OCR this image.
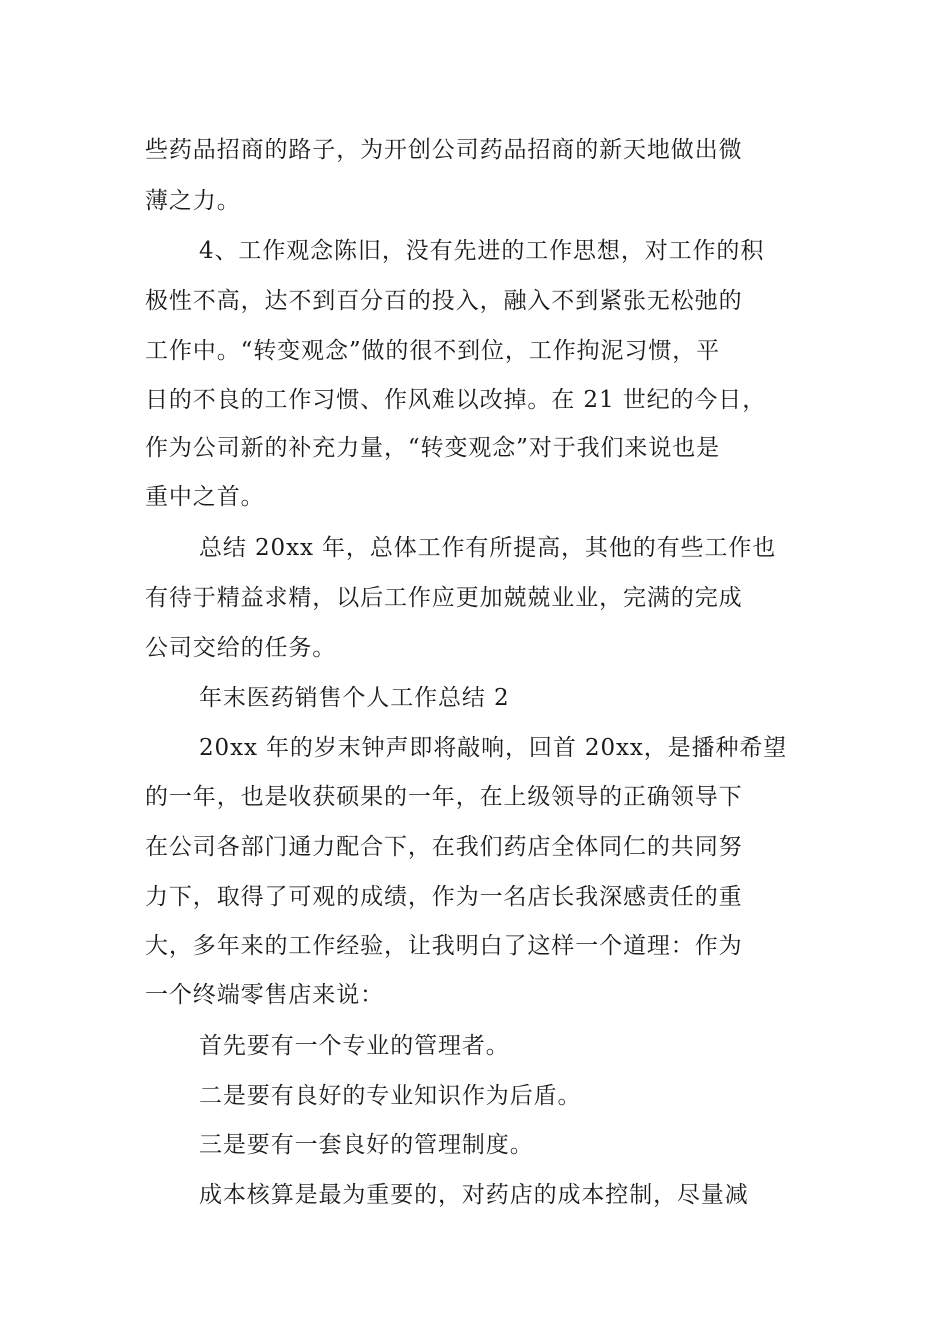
些药品招商的路子，为开创公司药品招商的新天地做出微
薄之力。
4、工作观念陈旧，没有先进的工作思想，对工作的积
极性不高，达不到百分百的投入，融入不到紧张无松弛的
工作中。“转变观念”做的很不到位，工作拘泥习惯，平
日的不良的工作习惯、作风难以改掉。在 21 世纪的今日，
作为公司新的补充力量，“转变观念”对于我们来说也是
重中之首。
总结 20xx 年，总体工作有所提高，其他的有些工作也
有待于精益求精，以后工作应更加兢兢业业，完满的完成
公司交给的任务。
年末医药销售个人工作总结 2
20xx 年的岁末钟声即将敲响，回首 20xx，是播种希望
的一年，也是收获硕果的一年，在上级领导的正确领导下
在公司各部门通力配合下，在我们药店全体同仁的共同努
力下，取得了可观的成绩，作为一名店长我深感责任的重
大，多年来的工作经验，让我明白了这样一个道理：作为
一个终端零售店来说：
首先要有一个专业的管理者。
二是要有良好的专业知识作为后盾。
三是要有一套良好的管理制度。
成本核算是最为重要的，对药店的成本控制，尽量减
